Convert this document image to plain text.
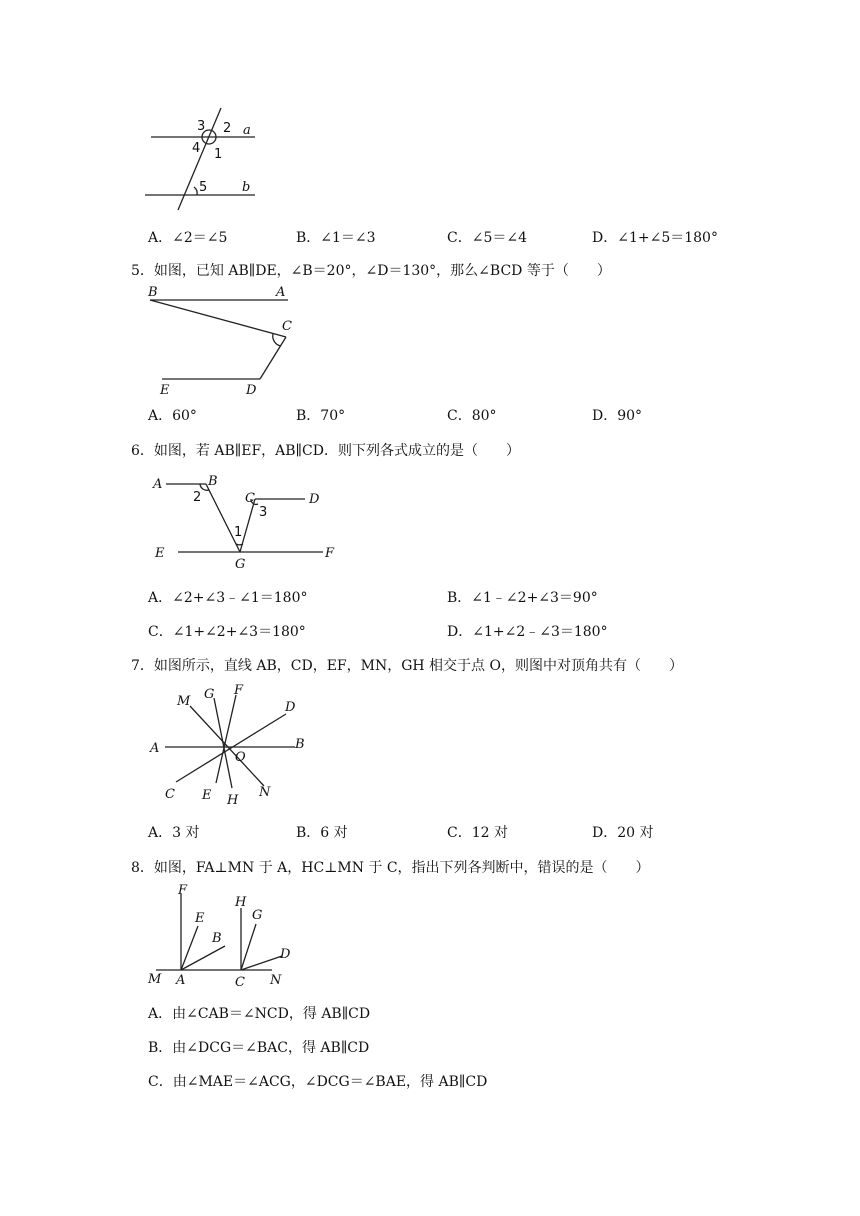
3 2 a
4 1
5	b
A．∠2＝∠5	B．∠1＝∠3	C．∠5＝∠4	D．∠1+∠5＝180°
5．如图，已知 AB∥DE，∠B＝20°，∠D＝130°，那么∠BCD 等于（　　）
B	A
C
E	D
A．60°	B．70°	C．80°	D．90°
6．如图，若 AB∥EF，AB∥CD．则下列各式成立的是（　　）
A	B
2	C
3
D
1
E
G
F
A．∠2+∠3﹣∠1＝180°	B．∠1﹣∠2+∠3＝90°
C．∠1+∠2+∠3＝180°	D．∠1+∠2﹣∠3＝180°
7．如图所示，直线 AB，CD，EF，MN，GH 相交于点 O，则图中对顶角共有（　　）
A	B
C
D
E
F
G
H
M
N
O
A．3 对	B．6 对	C．12 对	D．20 对
8．如图，FA⊥MN 于 A，HC⊥MN 于 C，指出下列各判断中，错误的是（　　）
F
E
B
H
G
D
M A	C N
A．由∠CAB＝∠NCD，得 AB∥CD
B．由∠DCG＝∠BAC，得 AB∥CD
C．由∠MAE＝∠ACG，∠DCG＝∠BAE，得 AB∥CD
